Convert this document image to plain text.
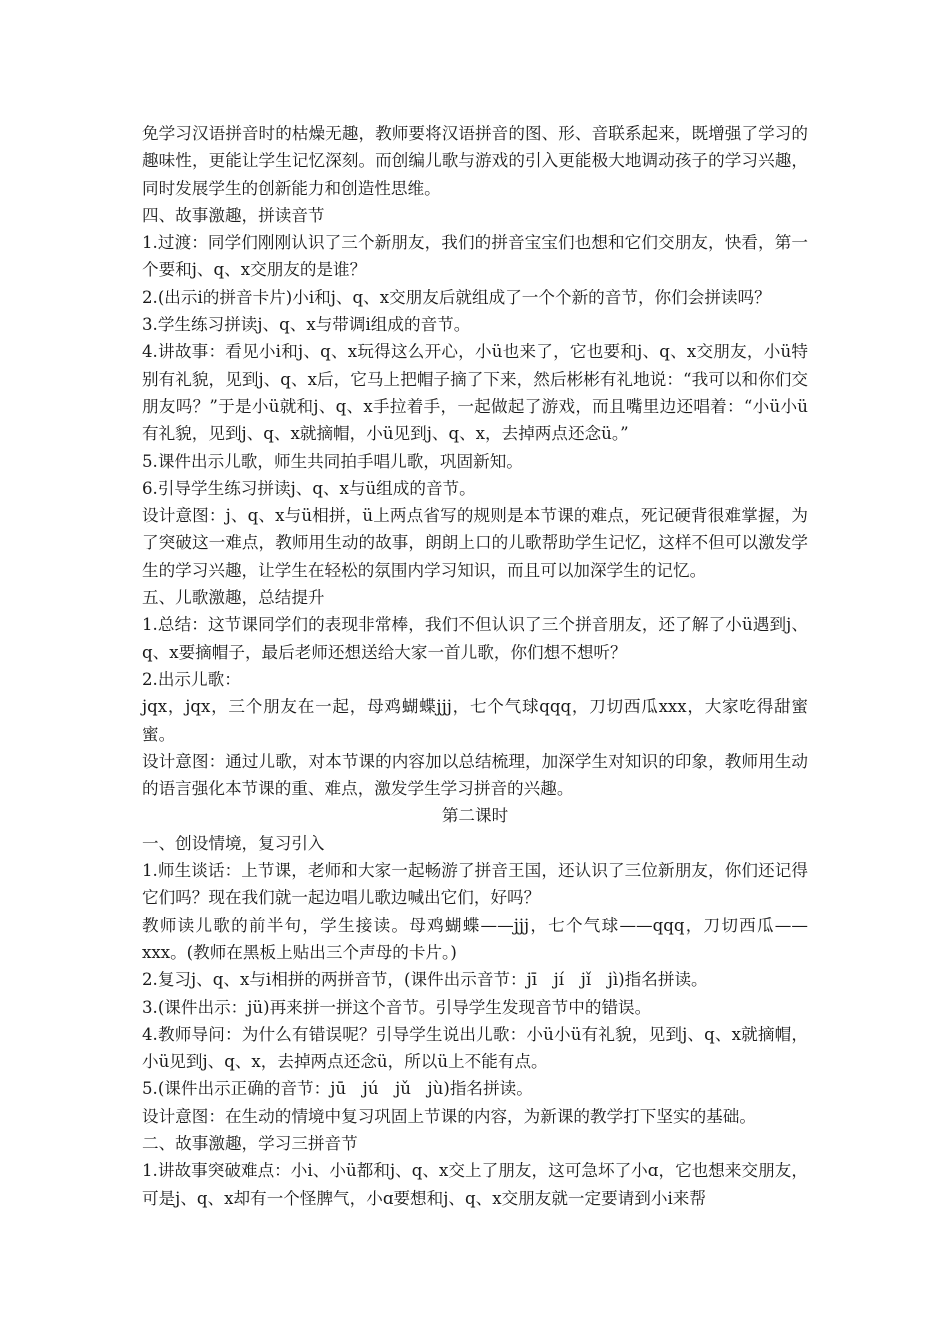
免学习汉语拼音时的枯燥无趣，教师要将汉语拼音的图、形、音联系起来，既增强了学习的趣味性，更能让学生记忆深刻。而创编儿歌与游戏的引入更能极大地调动孩子的学习兴趣，同时发展学生的创新能力和创造性思维。

四、故事激趣，拼读音节

1.过渡：同学们刚刚认识了三个新朋友，我们的拼音宝宝们也想和它们交朋友，快看，第一个要和j、q、x交朋友的是谁？

2.(出示i的拼音卡片)小i和j、q、x交朋友后就组成了一个个新的音节，你们会拼读吗？

3.学生练习拼读j、q、x与带调i组成的音节。

4.讲故事：看见小i和j、q、x玩得这么开心，小ü也来了，它也要和j、q、x交朋友，小ü特别有礼貌，见到j、q、x后，它马上把帽子摘了下来，然后彬彬有礼地说：“我可以和你们交朋友吗？”于是小ü就和j、q、x手拉着手，一起做起了游戏，而且嘴里边还唱着：“小ü小ü有礼貌，见到j、q、x就摘帽，小ü见到j、q、x，去掉两点还念ü。”

5.课件出示儿歌，师生共同拍手唱儿歌，巩固新知。

6.引导学生练习拼读j、q、x与ü组成的音节。

设计意图：j、q、x与ü相拼，ü上两点省写的规则是本节课的难点，死记硬背很难掌握，为了突破这一难点，教师用生动的故事，朗朗上口的儿歌帮助学生记忆，这样不但可以激发学生的学习兴趣，让学生在轻松的氛围内学习知识，而且可以加深学生的记忆。

五、儿歌激趣，总结提升

1.总结：这节课同学们的表现非常棒，我们不但认识了三个拼音朋友，还了解了小ü遇到j、q、x要摘帽子，最后老师还想送给大家一首儿歌，你们想不想听？

2.出示儿歌：

jqx，jqx，三个朋友在一起，母鸡蝴蝶jjj，七个气球qqq，刀切西瓜xxx，大家吃得甜蜜蜜。

设计意图：通过儿歌，对本节课的内容加以总结梳理，加深学生对知识的印象，教师用生动的语言强化本节课的重、难点，激发学生学习拼音的兴趣。

第二课时

一、创设情境，复习引入

1.师生谈话：上节课，老师和大家一起畅游了拼音王国，还认识了三位新朋友，你们还记得它们吗？现在我们就一起边唱儿歌边喊出它们，好吗？

教师读儿歌的前半句，学生接读。母鸡蝴蝶——jjj，七个气球——qqq，刀切西瓜——xxx。(教师在黑板上贴出三个声母的卡片。)

2.复习j、q、x与i相拼的两拼音节，(课件出示音节：jī　jí　jǐ　jì)指名拼读。

3.(课件出示：jü)再来拼一拼这个音节。引导学生发现音节中的错误。

4.教师导问：为什么有错误呢？引导学生说出儿歌：小ü小ü有礼貌，见到j、q、x就摘帽，小ü见到j、q、x，去掉两点还念ü，所以ü上不能有点。

5.(课件出示正确的音节：jū　jú　jǔ　jù)指名拼读。

设计意图：在生动的情境中复习巩固上节课的内容，为新课的教学打下坚实的基础。

二、故事激趣，学习三拼音节

1.讲故事突破难点：小i、小ü都和j、q、x交上了朋友，这可急坏了小ɑ，它也想来交朋友，可是j、q、x却有一个怪脾气，小ɑ要想和j、q、x交朋友就一定要请到小i来帮
